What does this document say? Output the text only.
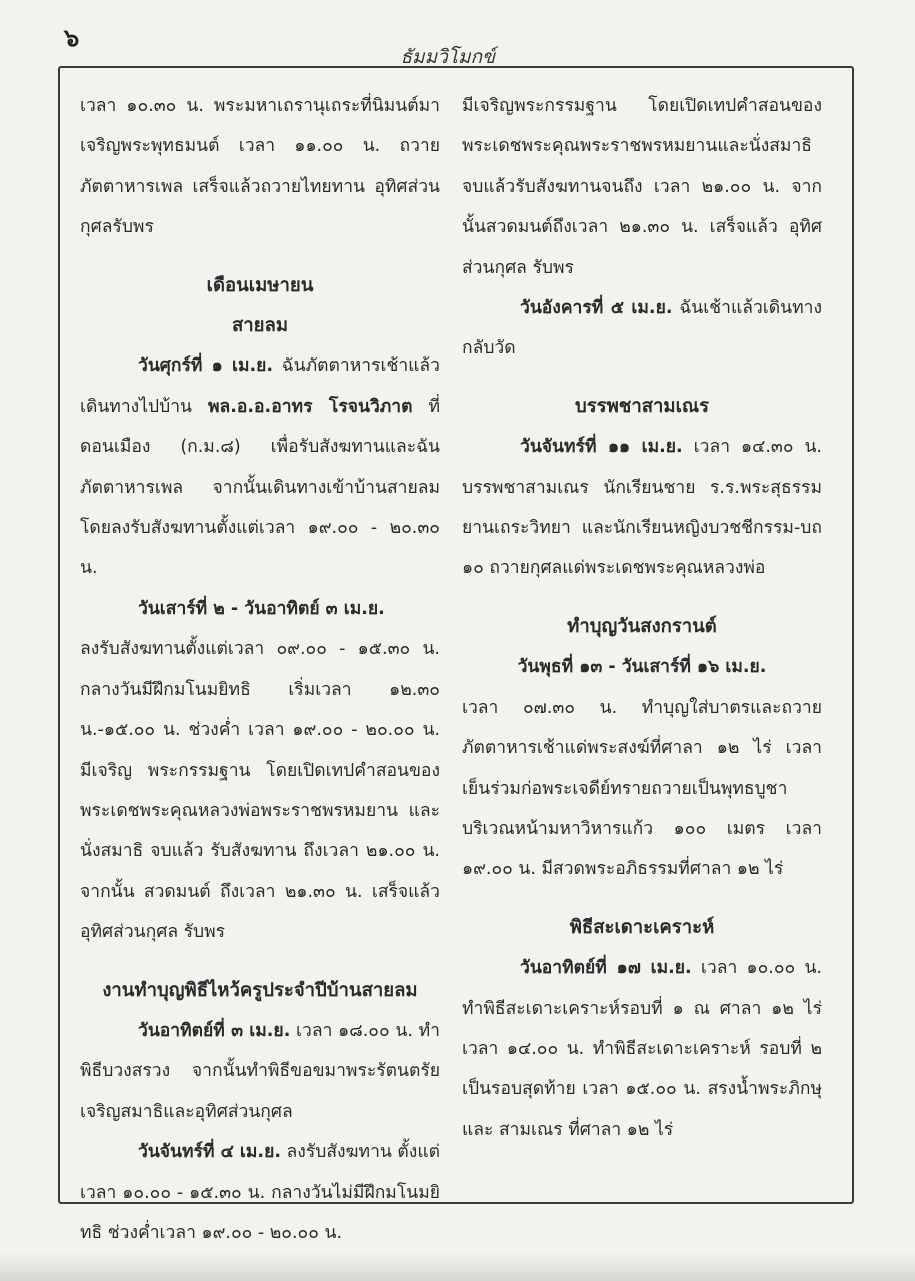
๖
ธัมมวิโมกข์

เวลา ๑๐.๓๐ น. พระมหาเถรานุเถระที่นิมนต์มาเจริญพระพุทธมนต์ เวลา ๑๑.๐๐ น. ถวายภัตตาหารเพล เสร็จแล้วถวายไทยทาน อุทิศส่วนกุศลรับพร

เดือนเมษายน

สายลม

วันศุกร์ที่ ๑ เม.ย. ฉันภัตตาหารเช้าแล้วเดินทางไปบ้าน พล.อ.อ.อาทร โรจนวิภาต ที่ดอนเมือง (ก.ม.๘) เพื่อรับสังฆทานและฉันภัตตาหารเพล จากนั้นเดินทางเข้าบ้านสายลม โดยลงรับสังฆทานตั้งแต่เวลา ๑๙.๐๐ - ๒๐.๓๐ น.

วันเสาร์ที่ ๒ - วันอาทิตย์ ๓ เม.ย.

ลงรับสังฆทานตั้งแต่เวลา ๐๙.๐๐ - ๑๕.๓๐ น. กลางวันมีฝึกมโนมยิทธิ เริ่มเวลา ๑๒.๓๐ น.-๑๕.๐๐ น. ช่วงค่ำ เวลา ๑๙.๐๐ - ๒๐.๐๐ น. มีเจริญ พระกรรมฐาน โดยเปิดเทปคำสอนของพระเดชพระคุณหลวงพ่อพระราชพรหมยาน และนั่งสมาธิ จบแล้ว รับสังฆทาน ถึงเวลา ๒๑.๐๐ น. จากนั้น สวดมนต์ ถึงเวลา ๒๑.๓๐ น. เสร็จแล้วอุทิศส่วนกุศล รับพร

งานทำบุญพิธีไหว้ครูประจำปีบ้านสายลม

วันอาทิตย์ที่ ๓ เม.ย. เวลา ๑๘.๐๐ น. ทำพิธีบวงสรวง จากนั้นทำพิธีขอขมาพระรัตนตรัย เจริญสมาธิและอุทิศส่วนกุศล

วันจันทร์ที่ ๔ เม.ย. ลงรับสังฆทาน ตั้งแต่เวลา ๑๐.๐๐ - ๑๕.๓๐ น. กลางวันไม่มีฝึกมโนมยิทธิ ช่วงค่ำเวลา ๑๙.๐๐ - ๒๐.๐๐ น.

มีเจริญพระกรรมฐาน โดยเปิดเทปคำสอนของพระเดชพระคุณพระราชพรหมยานและนั่งสมาธิ จบแล้วรับสังฆทานจนถึง เวลา ๒๑.๐๐ น. จากนั้นสวดมนต์ถึงเวลา ๒๑.๓๐ น. เสร็จแล้ว อุทิศส่วนกุศล รับพร

วันอังคารที่ ๕ เม.ย. ฉันเช้าแล้วเดินทางกลับวัด

บรรพชาสามเณร

วันจันทร์ที่ ๑๑ เม.ย. เวลา ๑๔.๓๐ น. บรรพชาสามเณร นักเรียนชาย ร.ร.พระสุธรรมยานเถระวิทยา และนักเรียนหญิงบวชชีกรรม-บถ ๑๐ ถวายกุศลแด่พระเดชพระคุณหลวงพ่อ

ทำบุญวันสงกรานต์

วันพุธที่ ๑๓ - วันเสาร์ที่ ๑๖ เม.ย.

เวลา ๐๗.๓๐ น. ทำบุญใส่บาตรและถวายภัตตาหารเช้าแด่พระสงฆ์ที่ศาลา ๑๒ ไร่ เวลาเย็นร่วมก่อพระเจดีย์ทรายถวายเป็นพุทธบูชา บริเวณหน้ามหาวิหารแก้ว ๑๐๐ เมตร เวลา ๑๙.๐๐ น. มีสวดพระอภิธรรมที่ศาลา ๑๒ ไร่

พิธีสะเดาะเคราะห์

วันอาทิตย์ที่ ๑๗ เม.ย. เวลา ๑๐.๐๐ น. ทำพิธีสะเดาะเคราะห์รอบที่ ๑ ณ ศาลา ๑๒ ไร่ เวลา ๑๔.๐๐ น. ทำพิธีสะเดาะเคราะห์ รอบที่ ๒ เป็นรอบสุดท้าย เวลา ๑๕.๐๐ น. สรงน้ำพระภิกษุ และ สามเณร ที่ศาลา ๑๒ ไร่
